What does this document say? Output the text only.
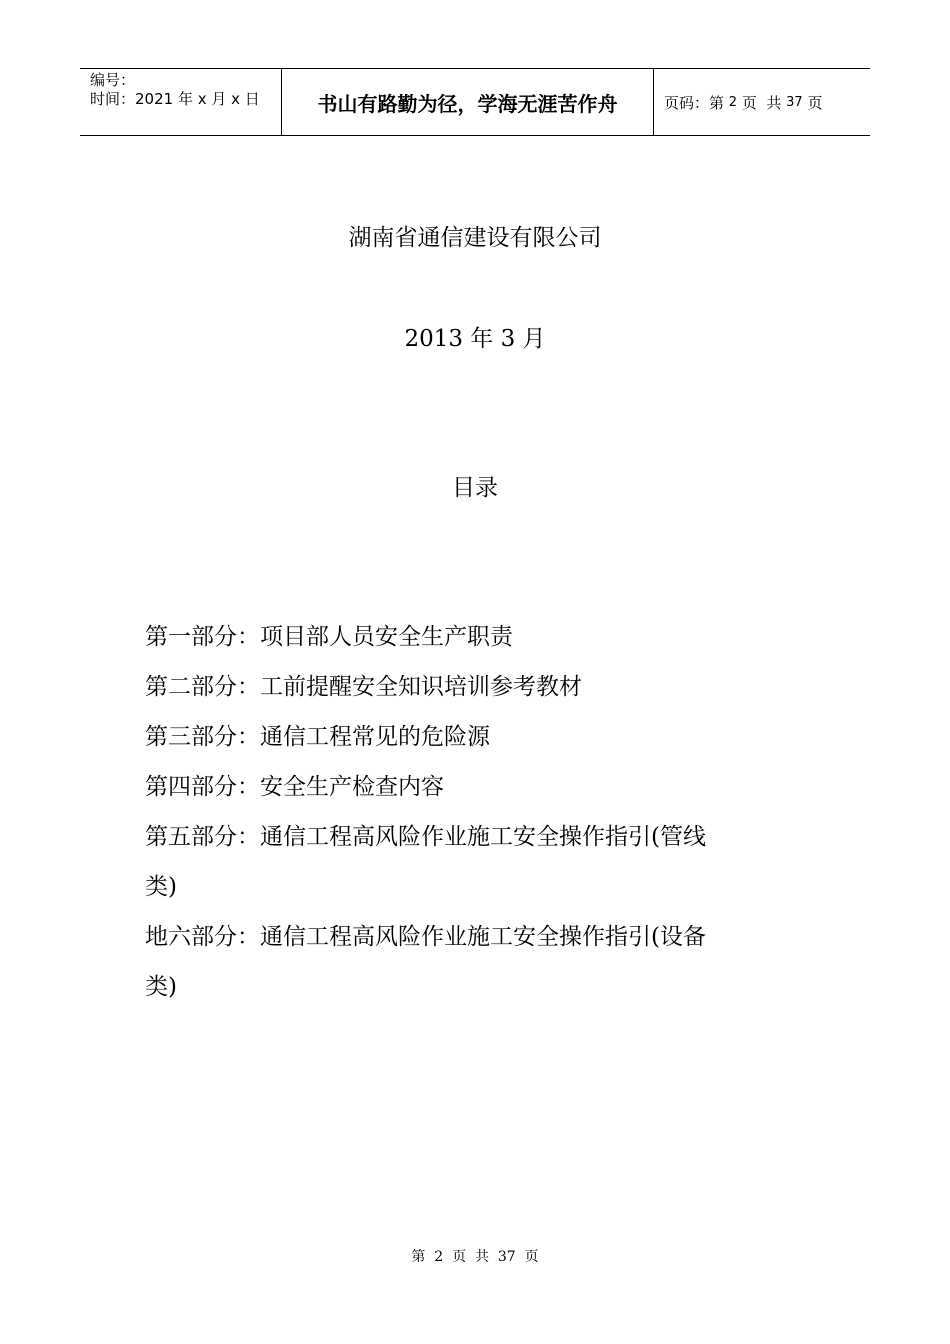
编号：
时间：2021 年 x 月 x 日	书山有路勤为径，学海无涯苦作舟	页码：第 2 页  共 37 页
湖南省通信建设有限公司
2013 年 3 月
目录
第一部分：项目部人员安全生产职责
第二部分：工前提醒安全知识培训参考教材
第三部分：通信工程常见的危险源
第四部分：安全生产检查内容
第五部分：通信工程高风险作业施工安全操作指引(管线
类)
地六部分：通信工程高风险作业施工安全操作指引(设备
类)
第  2  页  共  37  页
